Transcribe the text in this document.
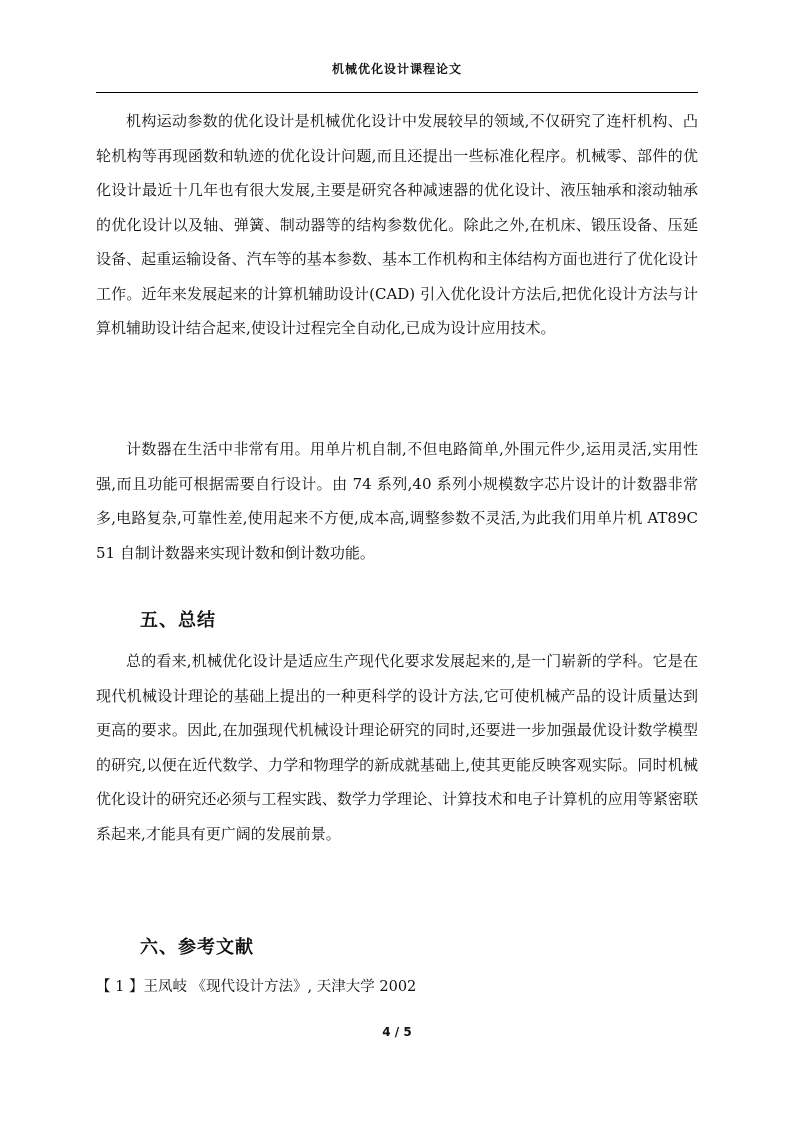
机械优化设计课程论文

机构运动参数的优化设计是机械优化设计中发展较早的领域,不仅研究了连杆机构、凸轮机构等再现函数和轨迹的优化设计问题,而且还提出一些标准化程序。机械零、部件的优化设计最近十几年也有很大发展,主要是研究各种减速器的优化设计、液压轴承和滚动轴承的优化设计以及轴、弹簧、制动器等的结构参数优化。除此之外,在机床、锻压设备、压延设备、起重运输设备、汽车等的基本参数、基本工作机构和主体结构方面也进行了优化设计工作。近年来发展起来的计算机辅助设计(CAD) 引入优化设计方法后,把优化设计方法与计算机辅助设计结合起来,使设计过程完全自动化,已成为设计应用技术。

计数器在生活中非常有用。用单片机自制,不但电路简单,外围元件少,运用灵活,实用性强,而且功能可根据需要自行设计。由 74 系列,40 系列小规模数字芯片设计的计数器非常多,电路复杂,可靠性差,使用起来不方便,成本高,调整参数不灵活,为此我们用单片机 AT89C51 自制计数器来实现计数和倒计数功能。

五、总结

总的看来,机械优化设计是适应生产现代化要求发展起来的,是一门崭新的学科。它是在现代机械设计理论的基础上提出的一种更科学的设计方法,它可使机械产品的设计质量达到更高的要求。因此,在加强现代机械设计理论研究的同时,还要进一步加强最优设计数学模型的研究,以便在近代数学、力学和物理学的新成就基础上,使其更能反映客观实际。同时机械优化设计的研究还必须与工程实践、数学力学理论、计算技术和电子计算机的应用等紧密联系起来,才能具有更广阔的发展前景。

六、参考文献
【 1 】王凤岐 《现代设计方法》, 天津大学 2002
4 / 5
